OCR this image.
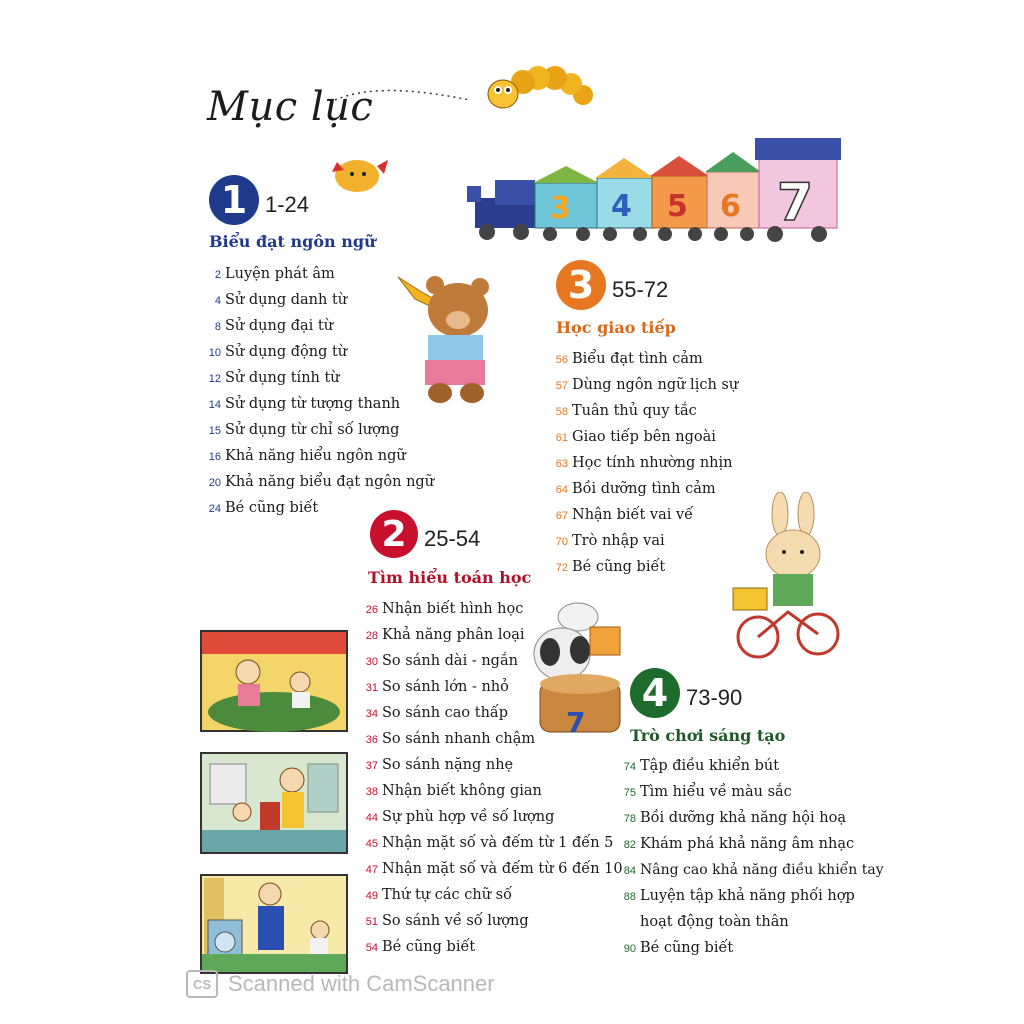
Mục lục
3 4 5 6 7
1 1-24
Biểu đạt ngôn ngữ
2 Luyện phát âm
4 Sử dụng danh từ
8 Sử dụng đại từ
10 Sử dụng động từ
12 Sử dụng tính từ
14 Sử dụng từ tượng thanh
15 Sử dụng từ chỉ số lượng
16 Khả năng hiểu ngôn ngữ
20 Khả năng biểu đạt ngôn ngữ
24 Bé cũng biết
3 55-72
Học giao tiếp
56 Biểu đạt tình cảm
57 Dùng ngôn ngữ lịch sự
58 Tuân thủ quy tắc
61 Giao tiếp bên ngoài
63 Học tính nhường nhịn
64 Bồi dưỡng tình cảm
67 Nhận biết vai vế
70 Trò nhập vai
72 Bé cũng biết
2 25-54
Tìm hiểu toán học
26 Nhận biết hình học
28 Khả năng phân loại
30 So sánh dài - ngắn
31 So sánh lớn - nhỏ
34 So sánh cao thấp
36 So sánh nhanh chậm
37 So sánh nặng nhẹ
38 Nhận biết không gian
44 Sự phù hợp về số lượng
45 Nhận mặt số và đếm từ 1 đến 5
47 Nhận mặt số và đếm từ 6 đến 10
49 Thứ tự các chữ số
51 So sánh về số lượng
54 Bé cũng biết
7
4 73-90
Trò chơi sáng tạo
74 Tập điều khiển bút
75 Tìm hiểu về màu sắc
78 Bồi dưỡng khả năng hội hoạ
82 Khám phá khả năng âm nhạc
84 Nâng cao khả năng điều khiển tay
88 Luyện tập khả năng phối hợp
hoạt động toàn thân
90 Bé cũng biết
CS Scanned with CamScanner
